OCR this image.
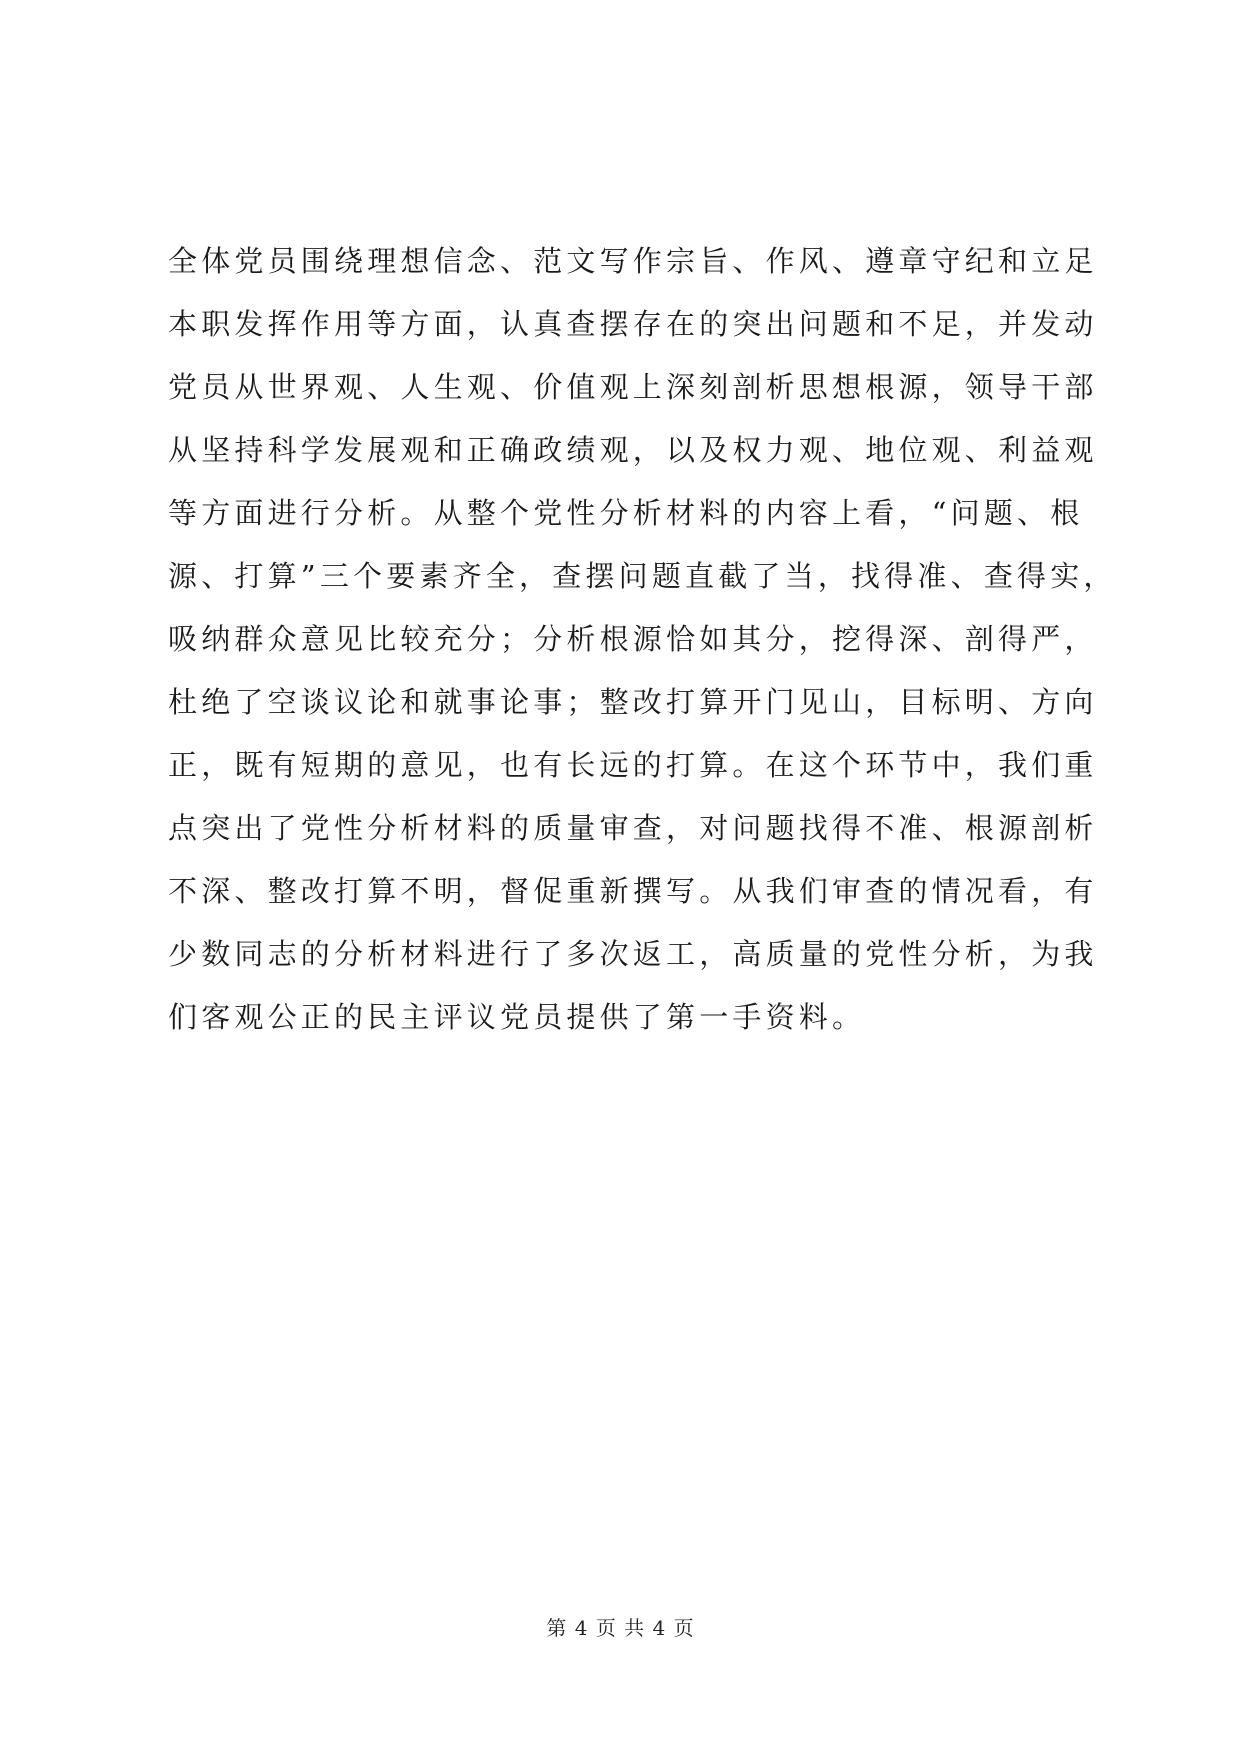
全体党员围绕理想信念、范文写作宗旨、作风、遵章守纪和立足
本职发挥作用等方面，认真查摆存在的突出问题和不足，并发动
党员从世界观、人生观、价值观上深刻剖析思想根源，领导干部
从坚持科学发展观和正确政绩观，以及权力观、地位观、利益观
等方面进行分析。从整个党性分析材料的内容上看，“问题、根
源、打算”三个要素齐全，查摆问题直截了当，找得准、查得实，
吸纳群众意见比较充分；分析根源恰如其分，挖得深、剖得严，
杜绝了空谈议论和就事论事；整改打算开门见山，目标明、方向
正，既有短期的意见，也有长远的打算。在这个环节中，我们重
点突出了党性分析材料的质量审查，对问题找得不准、根源剖析
不深、整改打算不明，督促重新撰写。从我们审查的情况看，有
少数同志的分析材料进行了多次返工，高质量的党性分析，为我
们客观公正的民主评议党员提供了第一手资料。
第 4 页 共 4 页
